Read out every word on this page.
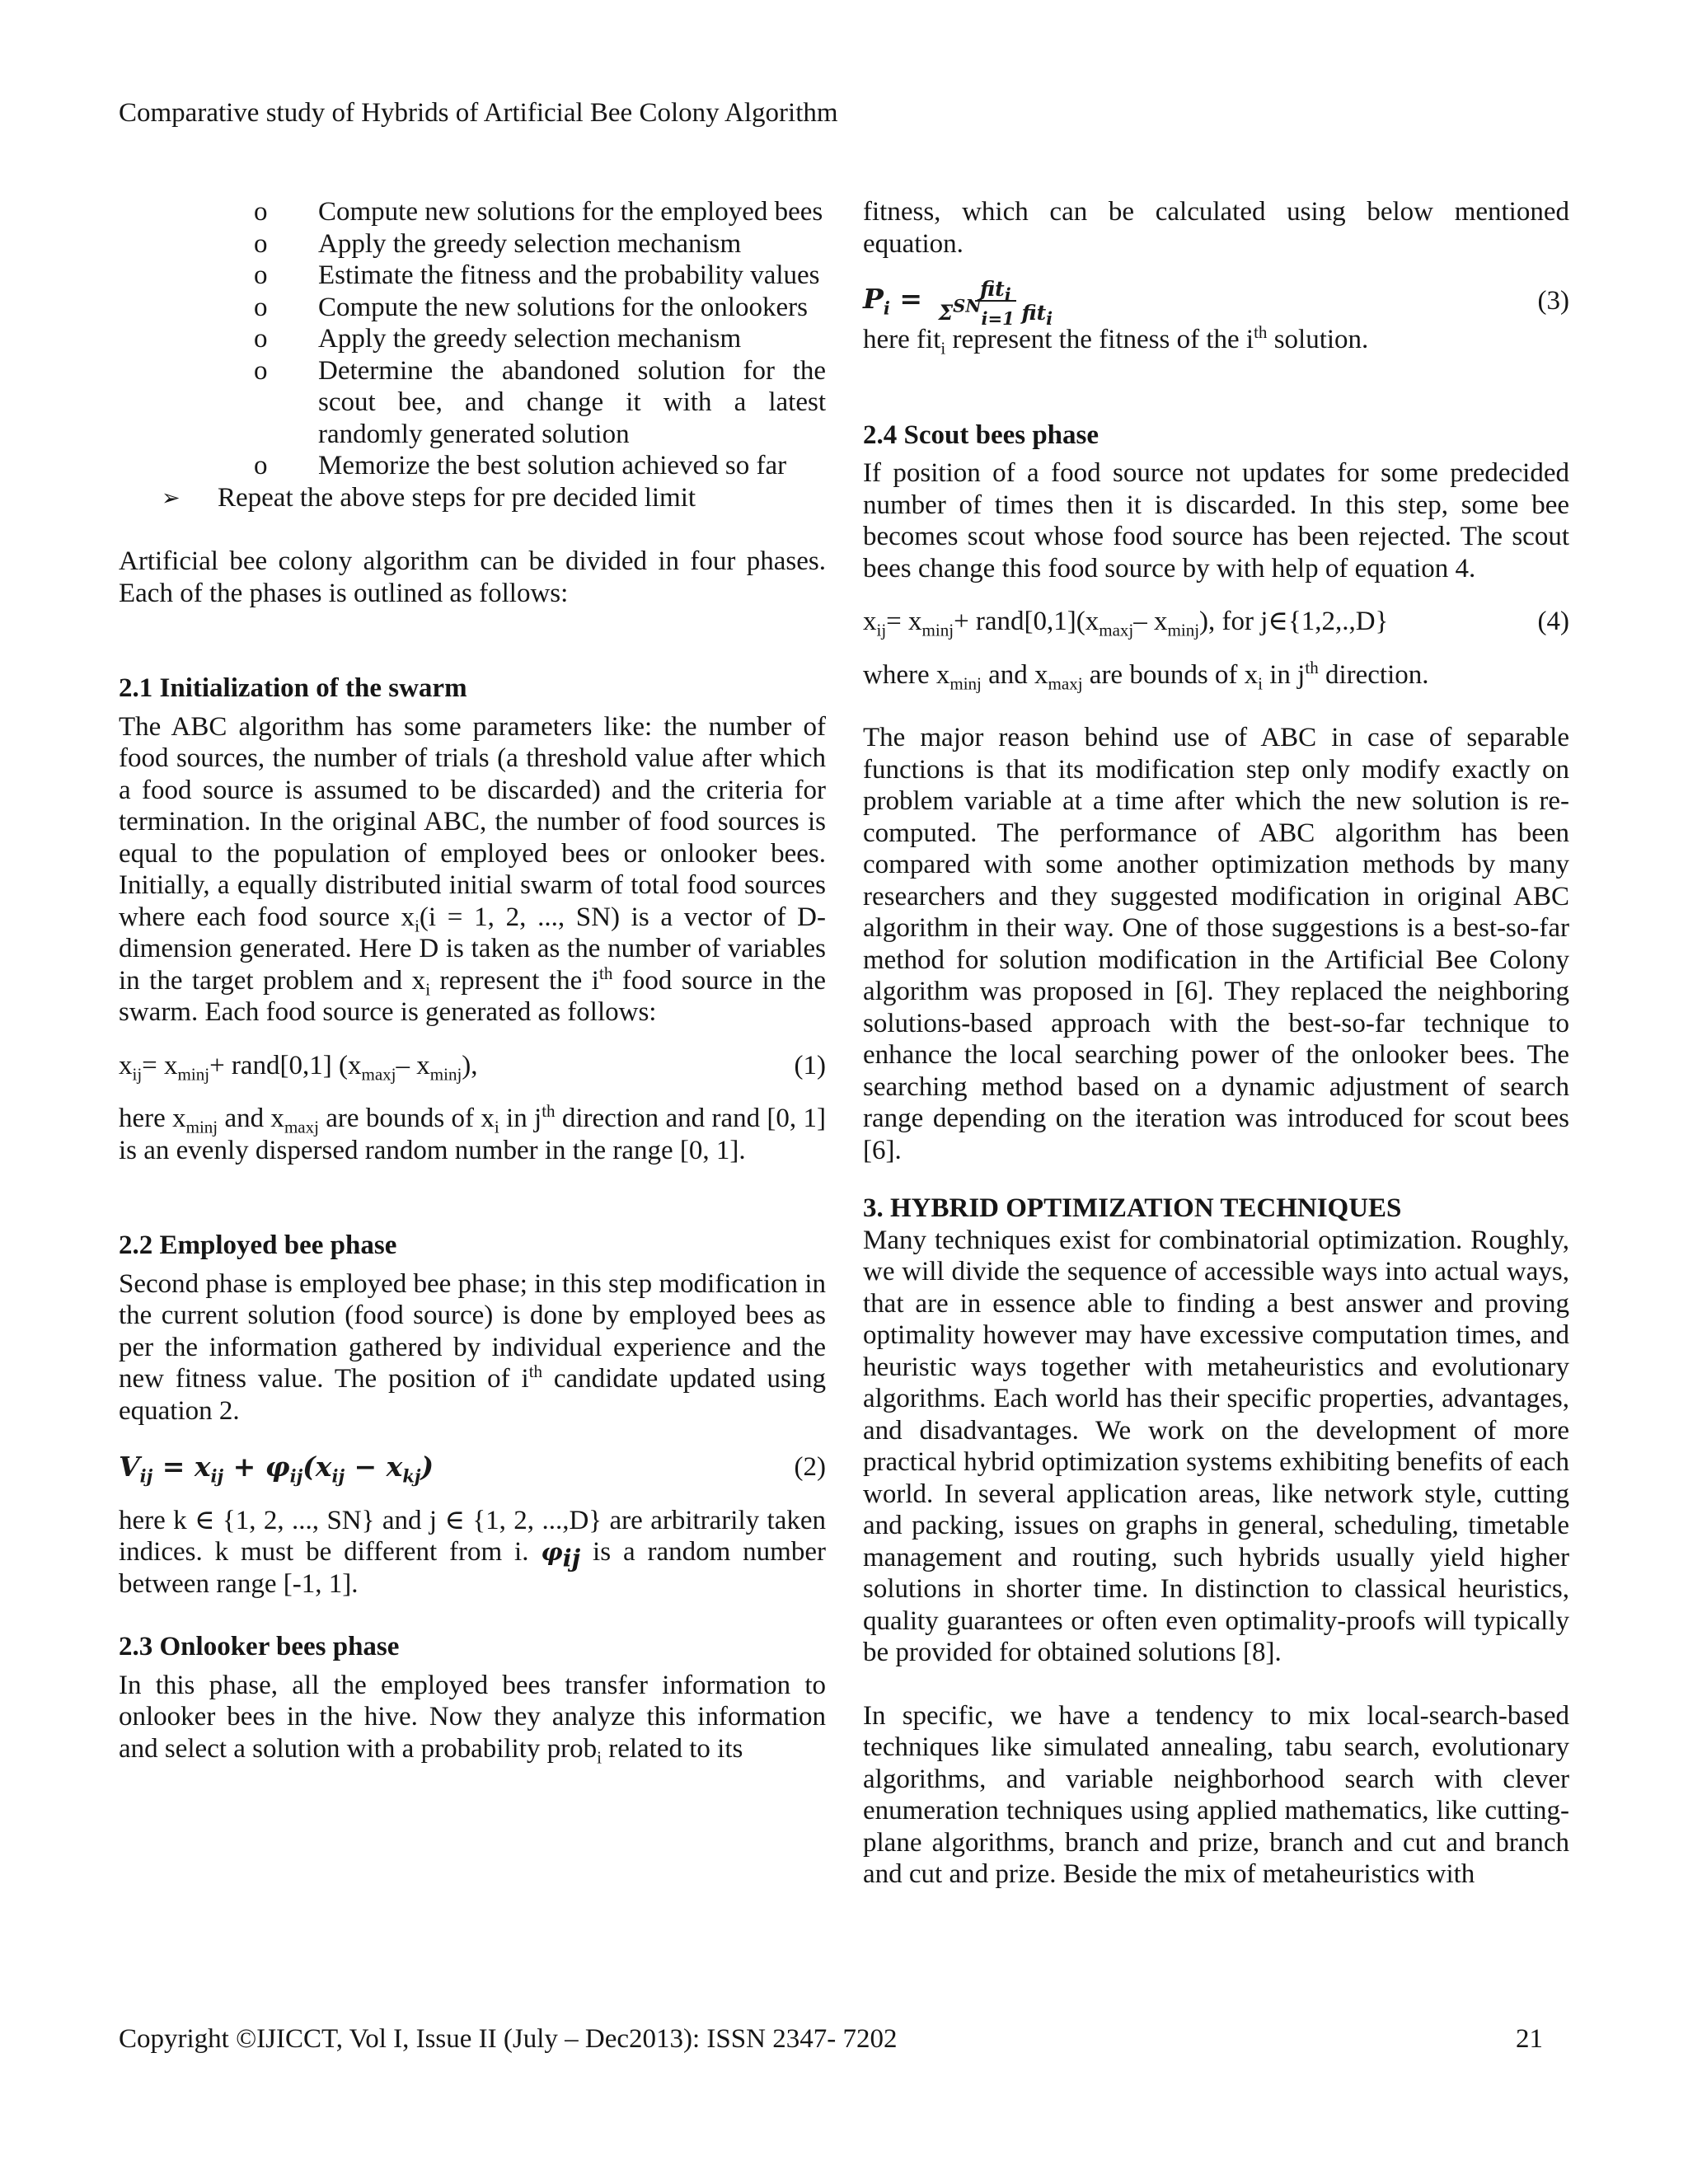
Comparative study of Hybrids of Artificial Bee Colony Algorithm
o Compute new solutions for the employed bees
o Apply the greedy selection mechanism
o Estimate the fitness and the probability values
o Compute the new solutions for the onlookers
o Apply the greedy selection mechanism
o Determine the abandoned solution for the scout bee, and change it with a latest randomly generated solution
o Memorize the best solution achieved so far
➢ Repeat the above steps for pre decided limit

Artificial bee colony algorithm can be divided in four phases. Each of the phases is outlined as follows:

2.1 Initialization of the swarm

The ABC algorithm has some parameters like: the number of food sources, the number of trials (a threshold value after which a food source is assumed to be discarded) and the criteria for termination. In the original ABC, the number of food sources is equal to the population of employed bees or onlooker bees. Initially, a equally distributed initial swarm of total food sources where each food source $x_i(i = 1$, 2, ..., SN) is a vector of D-dimension generated. Here D is taken as the number of variables in the target problem and $x_i$ represent the $i^{th}$ food source in the swarm. Each food source is generated as follows:

$x_{ij}= x_{minj}+$ rand[0,1] ($x_{maxj}-$ $x_{minj}$),	(1)

here $x_{minj}$ and $x_{maxj}$ are bounds of $x_i$ in $j^{th}$ direction and rand [0, 1] is an evenly dispersed random number in the range [0, 1].

2.2 Employed bee phase

Second phase is employed bee phase; in this step modification in the current solution (food source) is done by employed bees as per the information gathered by individual experience and the new fitness value. The position of $i^{th}$ candidate updated using equation 2.

$V_{ij} = x_{ij} + \varphi_{ij}(x_{ij} - x_{kj})$	(2)

here k ∈ {1, 2, ..., SN} and j ∈ {1, 2, ...,D} are arbitrarily taken indices. k must be different from i. $\varphi_{ij}$ is a random number between range [-1, 1].

2.3 Onlooker bees phase

In this phase, all the employed bees transfer information to onlooker bees in the hive. Now they analyze this information and select a solution with a probability prob$_i$ related to its

fitness, which can be calculated using below mentioned equation.

$P_i = \frac{fit_i}{\Sigma^{SN}_{i=1} fit_i}$	(3)

here fit$_i$ represent the fitness of the $i^{th}$ solution.

2.4 Scout bees phase

If position of a food source not updates for some predecided number of times then it is discarded. In this step, some bee becomes scout whose food source has been rejected. The scout bees change this food source by with help of equation 4.

$x_{ij}= x_{minj}+$ $rand[0,1](x_{maxj}-$ $x_{minj}$), for j∈{1,2,.,D}	(4)

where $x_{minj}$ and $x_{maxj}$ are bounds of $x_i$ in $j^{th}$ direction.

The major reason behind use of ABC in case of separable functions is that its modification step only modify exactly on problem variable at a time after which the new solution is re-computed. The performance of ABC algorithm has been compared with some another optimization methods by many researchers and they suggested modification in original ABC algorithm in their way. One of those suggestions is a best-so-far method for solution modification in the Artificial Bee Colony algorithm was proposed in [6]. They replaced the neighboring solutions-based approach with the best-so-far technique to enhance the local searching power of the onlooker bees. The searching method based on a dynamic adjustment of search range depending on the iteration was introduced for scout bees [6].

3. HYBRID OPTIMIZATION TECHNIQUES

Many techniques exist for combinatorial optimization. Roughly, we will divide the sequence of accessible ways into actual ways, that are in essence able to finding a best answer and proving optimality however may have excessive computation times, and heuristic ways together with metaheuristics and evolutionary algorithms. Each world has their specific properties, advantages, and disadvantages. We work on the development of more practical hybrid optimization systems exhibiting benefits of each world. In several application areas, like network style, cutting and packing, issues on graphs in general, scheduling, timetable management and routing, such hybrids usually yield higher solutions in shorter time. In distinction to classical heuristics, quality guarantees or often even optimality-proofs will typically be provided for obtained solutions [8].

In specific, we have a tendency to mix local-search-based techniques like simulated annealing, tabu search, evolutionary algorithms, and variable neighborhood search with clever enumeration techniques using applied mathematics, like cutting-plane algorithms, branch and prize, branch and cut and branch and cut and prize. Beside the mix of metaheuristics with

Copyright ©IJICCT, Vol I, Issue II (July – Dec2013): ISSN 2347- 7202	21
